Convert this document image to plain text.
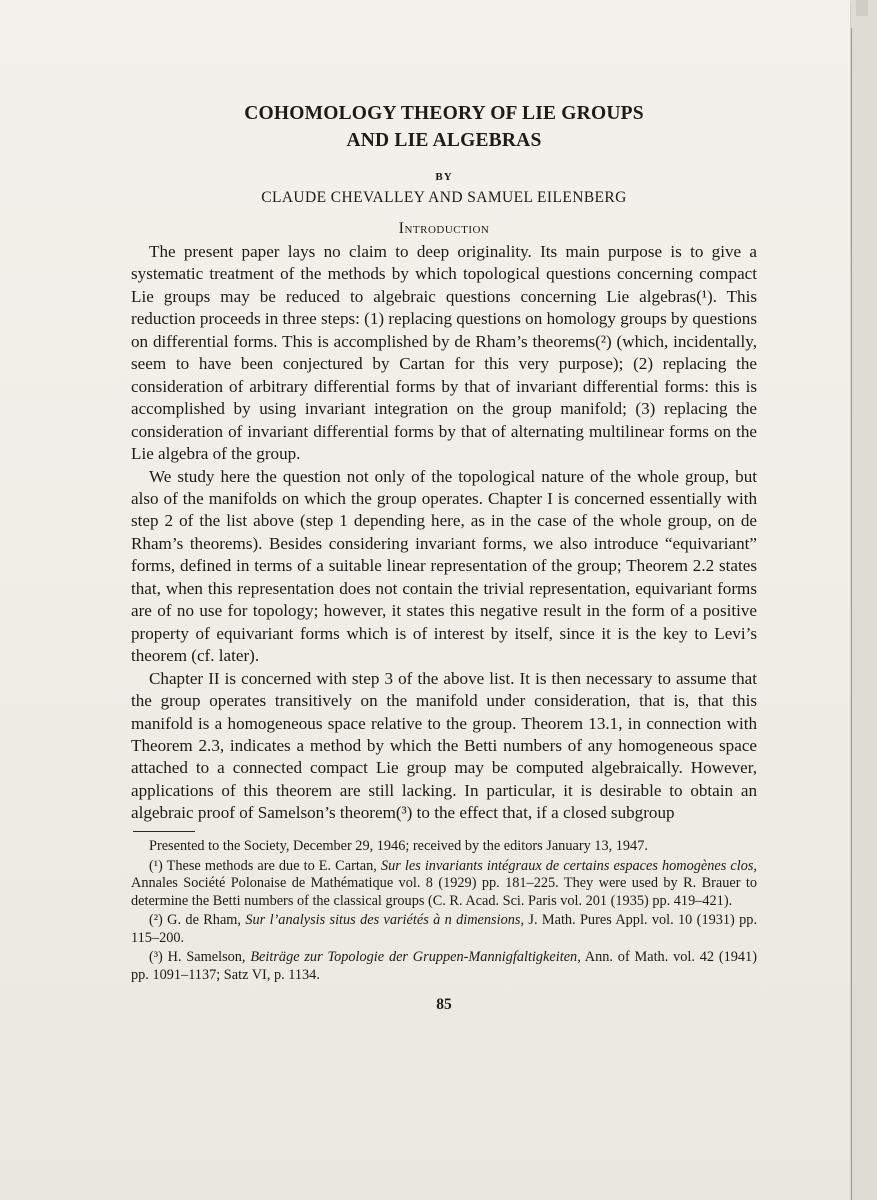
COHOMOLOGY THEORY OF LIE GROUPS
AND LIE ALGEBRAS
BY
CLAUDE CHEVALLEY AND SAMUEL EILENBERG
Introduction

The present paper lays no claim to deep originality. Its main purpose is to give a systematic treatment of the methods by which topological questions concerning compact Lie groups may be reduced to algebraic questions concerning Lie algebras(¹). This reduction proceeds in three steps: (1) replacing questions on homology groups by questions on differential forms. This is accomplished by de Rham’s theorems(²) (which, incidentally, seem to have been conjectured by Cartan for this very purpose); (2) replacing the consideration of arbitrary differential forms by that of invariant differential forms: this is accomplished by using invariant integration on the group manifold; (3) replacing the consideration of invariant differential forms by that of alternating multilinear forms on the Lie algebra of the group.

We study here the question not only of the topological nature of the whole group, but also of the manifolds on which the group operates. Chapter I is concerned essentially with step 2 of the list above (step 1 depending here, as in the case of the whole group, on de Rham’s theorems). Besides considering invariant forms, we also introduce “equivariant” forms, defined in terms of a suitable linear representation of the group; Theorem 2.2 states that, when this representation does not contain the trivial representation, equivariant forms are of no use for topology; however, it states this negative result in the form of a positive property of equivariant forms which is of interest by itself, since it is the key to Levi’s theorem (cf. later).

Chapter II is concerned with step 3 of the above list. It is then necessary to assume that the group operates transitively on the manifold under consideration, that is, that this manifold is a homogeneous space relative to the group. Theorem 13.1, in connection with Theorem 2.3, indicates a method by which the Betti numbers of any homogeneous space attached to a connected compact Lie group may be computed algebraically. However, applications of this theorem are still lacking. In particular, it is desirable to obtain an algebraic proof of Samelson’s theorem(³) to the effect that, if a closed subgroup

Presented to the Society, December 29, 1946; received by the editors January 13, 1947.

(¹) These methods are due to E. Cartan, Sur les invariants intégraux de certains espaces homogènes clos, Annales Société Polonaise de Mathématique vol. 8 (1929) pp. 181–225. They were used by R. Brauer to determine the Betti numbers of the classical groups (C. R. Acad. Sci. Paris vol. 201 (1935) pp. 419–421).

(²) G. de Rham, Sur l’analysis situs des variétés à n dimensions, J. Math. Pures Appl. vol. 10 (1931) pp. 115–200.

(³) H. Samelson, Beiträge zur Topologie der Gruppen-Mannigfaltigkeiten, Ann. of Math. vol. 42 (1941) pp. 1091–1137; Satz VI, p. 1134.

85
